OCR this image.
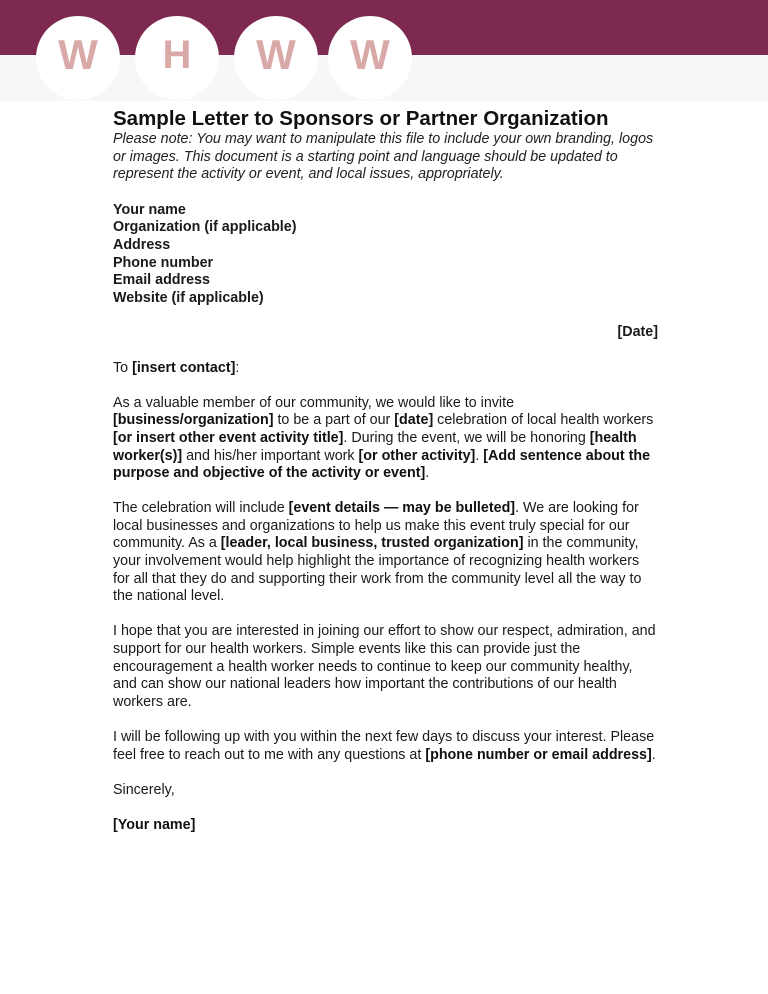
W H W W
Sample Letter to Sponsors or Partner Organization

Please note: You may want to manipulate this file to include your own branding, logos or images. This document is a starting point and language should be updated to represent the activity or event, and local issues, appropriately.

Your name
Organization (if applicable)
Address
Phone number
Email address
Website (if applicable)

[Date]

To [insert contact]:

As a valuable member of our community, we would like to invite [business/organization] to be a part of our [date] celebration of local health workers [or insert other event activity title]. During the event, we will be honoring [health worker(s)] and his/her important work [or other activity]. [Add sentence about the purpose and objective of the activity or event].

The celebration will include [event details — may be bulleted]. We are looking for local businesses and organizations to help us make this event truly special for our community. As a [leader, local business, trusted organization] in the community, your involvement would help highlight the importance of recognizing health workers for all that they do and supporting their work from the community level all the way to the national level.

I hope that you are interested in joining our effort to show our respect, admiration, and support for our health workers. Simple events like this can provide just the encouragement a health worker needs to continue to keep our community healthy, and can show our national leaders how important the contributions of our health workers are.

I will be following up with you within the next few days to discuss your interest. Please feel free to reach out to me with any questions at [phone number or email address].

Sincerely,

[Your name]
